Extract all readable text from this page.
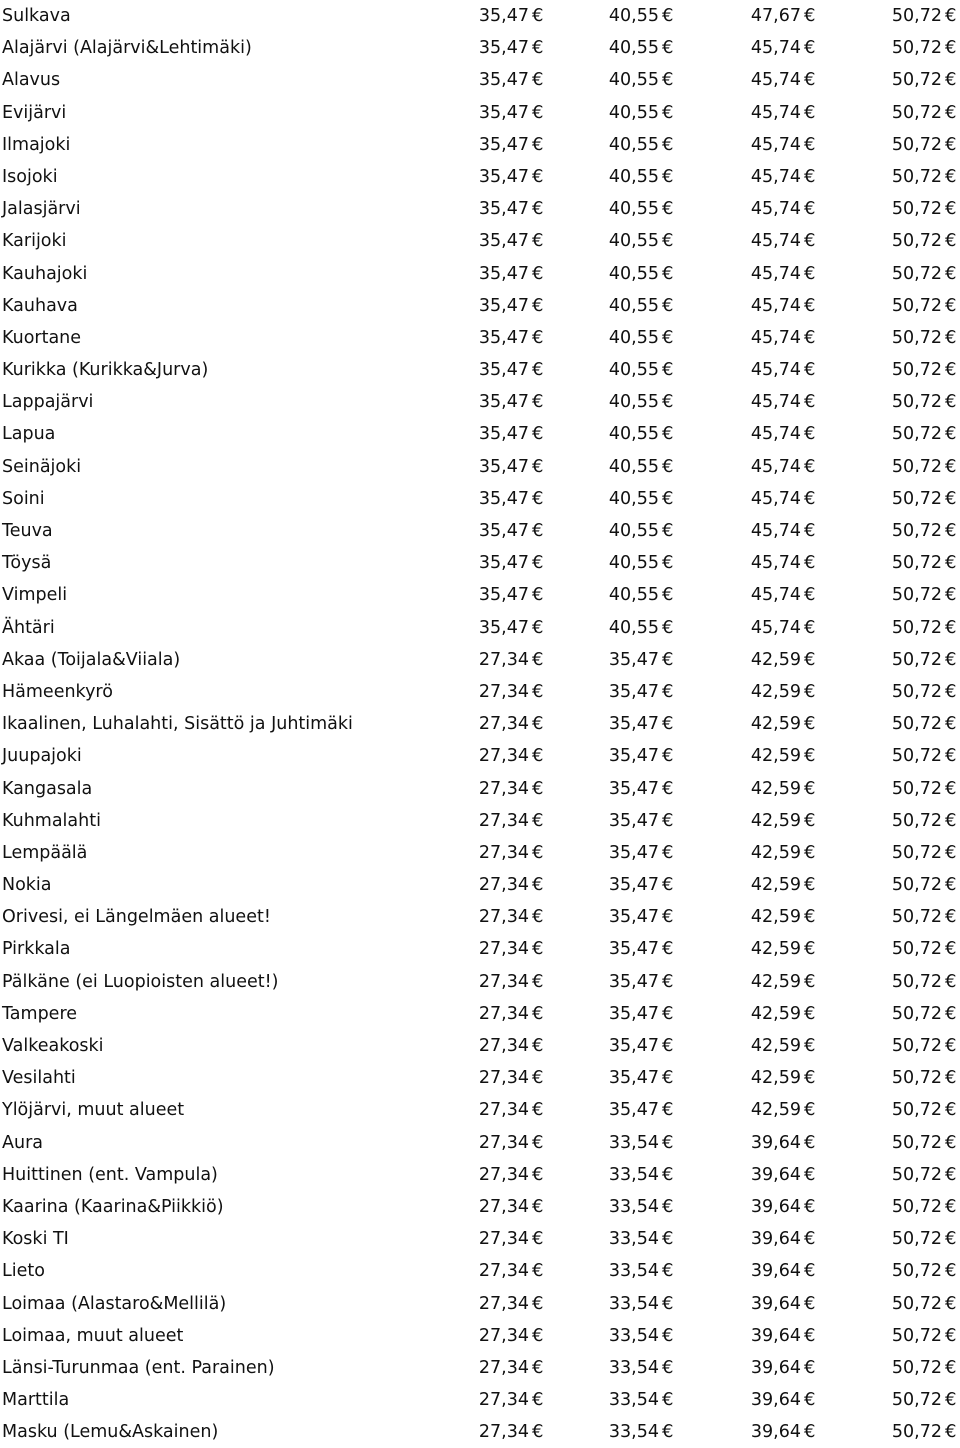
Sulkava	35,47 €	40,55 €	47,67 €	50,72 €
Alajärvi (Alajärvi&Lehtimäki)	35,47 €	40,55 €	45,74 €	50,72 €
Alavus	35,47 €	40,55 €	45,74 €	50,72 €
Evijärvi	35,47 €	40,55 €	45,74 €	50,72 €
Ilmajoki	35,47 €	40,55 €	45,74 €	50,72 €
Isojoki	35,47 €	40,55 €	45,74 €	50,72 €
Jalasjärvi	35,47 €	40,55 €	45,74 €	50,72 €
Karijoki	35,47 €	40,55 €	45,74 €	50,72 €
Kauhajoki	35,47 €	40,55 €	45,74 €	50,72 €
Kauhava	35,47 €	40,55 €	45,74 €	50,72 €
Kuortane	35,47 €	40,55 €	45,74 €	50,72 €
Kurikka (Kurikka&Jurva)	35,47 €	40,55 €	45,74 €	50,72 €
Lappajärvi	35,47 €	40,55 €	45,74 €	50,72 €
Lapua	35,47 €	40,55 €	45,74 €	50,72 €
Seinäjoki	35,47 €	40,55 €	45,74 €	50,72 €
Soini	35,47 €	40,55 €	45,74 €	50,72 €
Teuva	35,47 €	40,55 €	45,74 €	50,72 €
Töysä	35,47 €	40,55 €	45,74 €	50,72 €
Vimpeli	35,47 €	40,55 €	45,74 €	50,72 €
Ähtäri	35,47 €	40,55 €	45,74 €	50,72 €
Akaa (Toijala&Viiala)	27,34 €	35,47 €	42,59 €	50,72 €
Hämeenkyrö	27,34 €	35,47 €	42,59 €	50,72 €
Ikaalinen, Luhalahti, Sisättö ja Juhtimäki	27,34 €	35,47 €	42,59 €	50,72 €
Juupajoki	27,34 €	35,47 €	42,59 €	50,72 €
Kangasala	27,34 €	35,47 €	42,59 €	50,72 €
Kuhmalahti	27,34 €	35,47 €	42,59 €	50,72 €
Lempäälä	27,34 €	35,47 €	42,59 €	50,72 €
Nokia	27,34 €	35,47 €	42,59 €	50,72 €
Orivesi, ei Längelmäen alueet!	27,34 €	35,47 €	42,59 €	50,72 €
Pirkkala	27,34 €	35,47 €	42,59 €	50,72 €
Pälkäne (ei Luopioisten alueet!)	27,34 €	35,47 €	42,59 €	50,72 €
Tampere	27,34 €	35,47 €	42,59 €	50,72 €
Valkeakoski	27,34 €	35,47 €	42,59 €	50,72 €
Vesilahti	27,34 €	35,47 €	42,59 €	50,72 €
Ylöjärvi, muut alueet	27,34 €	35,47 €	42,59 €	50,72 €
Aura	27,34 €	33,54 €	39,64 €	50,72 €
Huittinen (ent. Vampula)	27,34 €	33,54 €	39,64 €	50,72 €
Kaarina (Kaarina&Piikkiö)	27,34 €	33,54 €	39,64 €	50,72 €
Koski TI	27,34 €	33,54 €	39,64 €	50,72 €
Lieto	27,34 €	33,54 €	39,64 €	50,72 €
Loimaa (Alastaro&Mellilä)	27,34 €	33,54 €	39,64 €	50,72 €
Loimaa, muut alueet	27,34 €	33,54 €	39,64 €	50,72 €
Länsi-Turunmaa (ent. Parainen)	27,34 €	33,54 €	39,64 €	50,72 €
Marttila	27,34 €	33,54 €	39,64 €	50,72 €
Masku (Lemu&Askainen)	27,34 €	33,54 €	39,64 €	50,72 €
